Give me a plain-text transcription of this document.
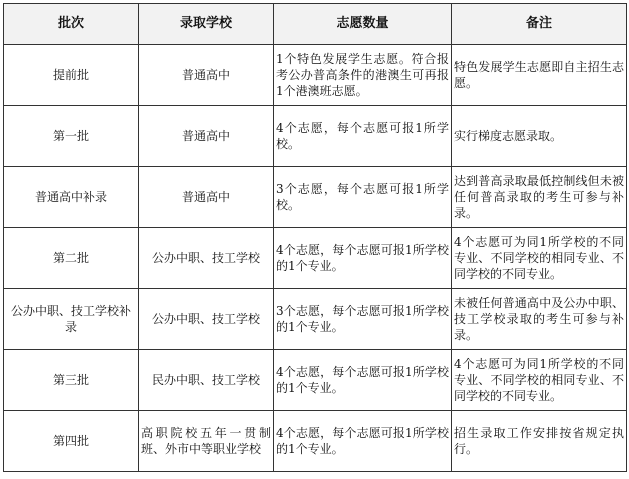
批次	录取学校	志愿数量	备注
提前批	普通高中	1个特色发展学生志愿。符合报考公办普高条件的港澳生可再报1个港澳班志愿。	特色发展学生志愿即自主招生志愿。
第一批	普通高中	4个志愿，每个志愿可报1所学校。	实行梯度志愿录取。
普通高中补录	普通高中	3个志愿，每个志愿可报1所学校。	达到普高录取最低控制线但未被任何普高录取的考生可参与补录。
第二批	公办中职、技工学校	4个志愿，每个志愿可报1所学校的1个专业。	4个志愿可为同1所学校的不同专业、不同学校的相同专业、不同学校的不同专业。
公办中职、技工学校补录	公办中职、技工学校	3个志愿，每个志愿可报1所学校的1个专业。	未被任何普通高中及公办中职、技工学校录取的考生可参与补录。
第三批	民办中职、技工学校	4个志愿，每个志愿可报1所学校的1个专业。	4个志愿可为同1所学校的不同专业、不同学校的相同专业、不同学校的不同专业。
第四批	高职院校五年一贯制班、外市中等职业学校	4个志愿，每个志愿可报1所学校的1个专业。	招生录取工作安排按省规定执行。
